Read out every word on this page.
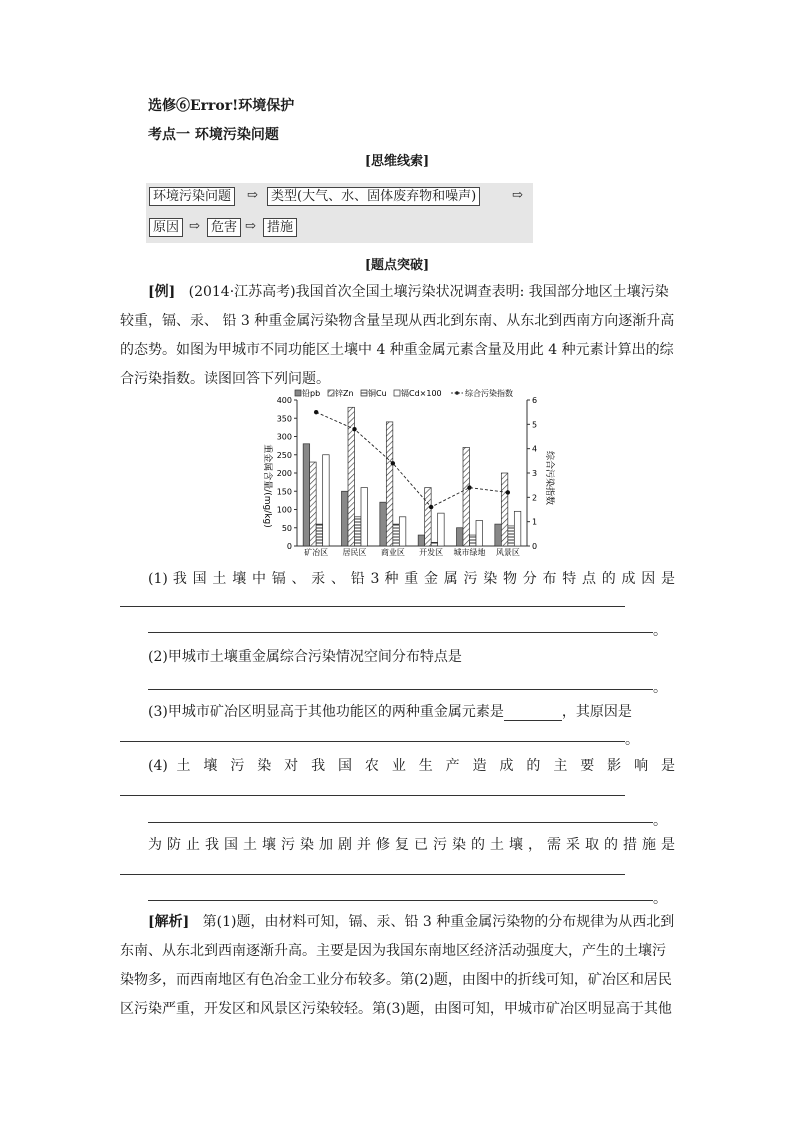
选修⑥Error!环境保护
考点一 环境污染问题
[思维线索]
环境污染问题	⇨	类型(大气、水、固体废弃物和噪声)	⇨
原因 ⇨ 危害 ⇨ 措施
[题点突破]
[例] (2014·江苏高考)我国首次全国土壤污染状况调查表明: 我国部分地区土壤污染较重，镉、汞、 铅 3 种重金属污染物含量呈现从西北到东南、从东北到西南方向逐渐升高的态势。如图为甲城市不同功能区土壤中 4 种重金属元素含量及用此 4 种元素计算出的综合污染指数。读图回答下列问题。
铅pb 锌Zn 铜Cu 镉Cd×100	综合污染指数
0
50
100
150
200
250
300
350
400
0
1
2
3
4
5
6
矿冶区 居民区 商业区 开发区 城市绿地 风景区
重金属含量/(mg/kg)	综合污染指数
(1) 我 国 土 壤 中 镉 、 汞 、 铅 3 种 重 金 属 污 染 物 分 布 特 点 的 成 因 是
。
(2)甲城市土壤重金属综合污染情况空间分布特点是
。
(3)甲城市矿冶区明显高于其他功能区的两种重金属元素是	，其原因是
。
(4) 土 壤 污 染 对 我 国 农 业 生 产 造 成 的 主 要 影 响 是
。
为 防 止 我 国 土 壤 污 染 加 剧 并 修 复 已 污 染 的 土 壤 ， 需 采 取 的 措 施 是
。
[解析] 第(1)题，由材料可知，镉、汞、铅 3 种重金属污染物的分布规律为从西北到东南、从东北到西南逐渐升高。主要是因为我国东南地区经济活动强度大，产生的土壤污染物多，而西南地区有色冶金工业分布较多。第(2)题，由图中的折线可知，矿冶区和居民区污染严重，开发区和风景区污染较轻。第(3)题，由图可知，甲城市矿冶区明显高于其他
